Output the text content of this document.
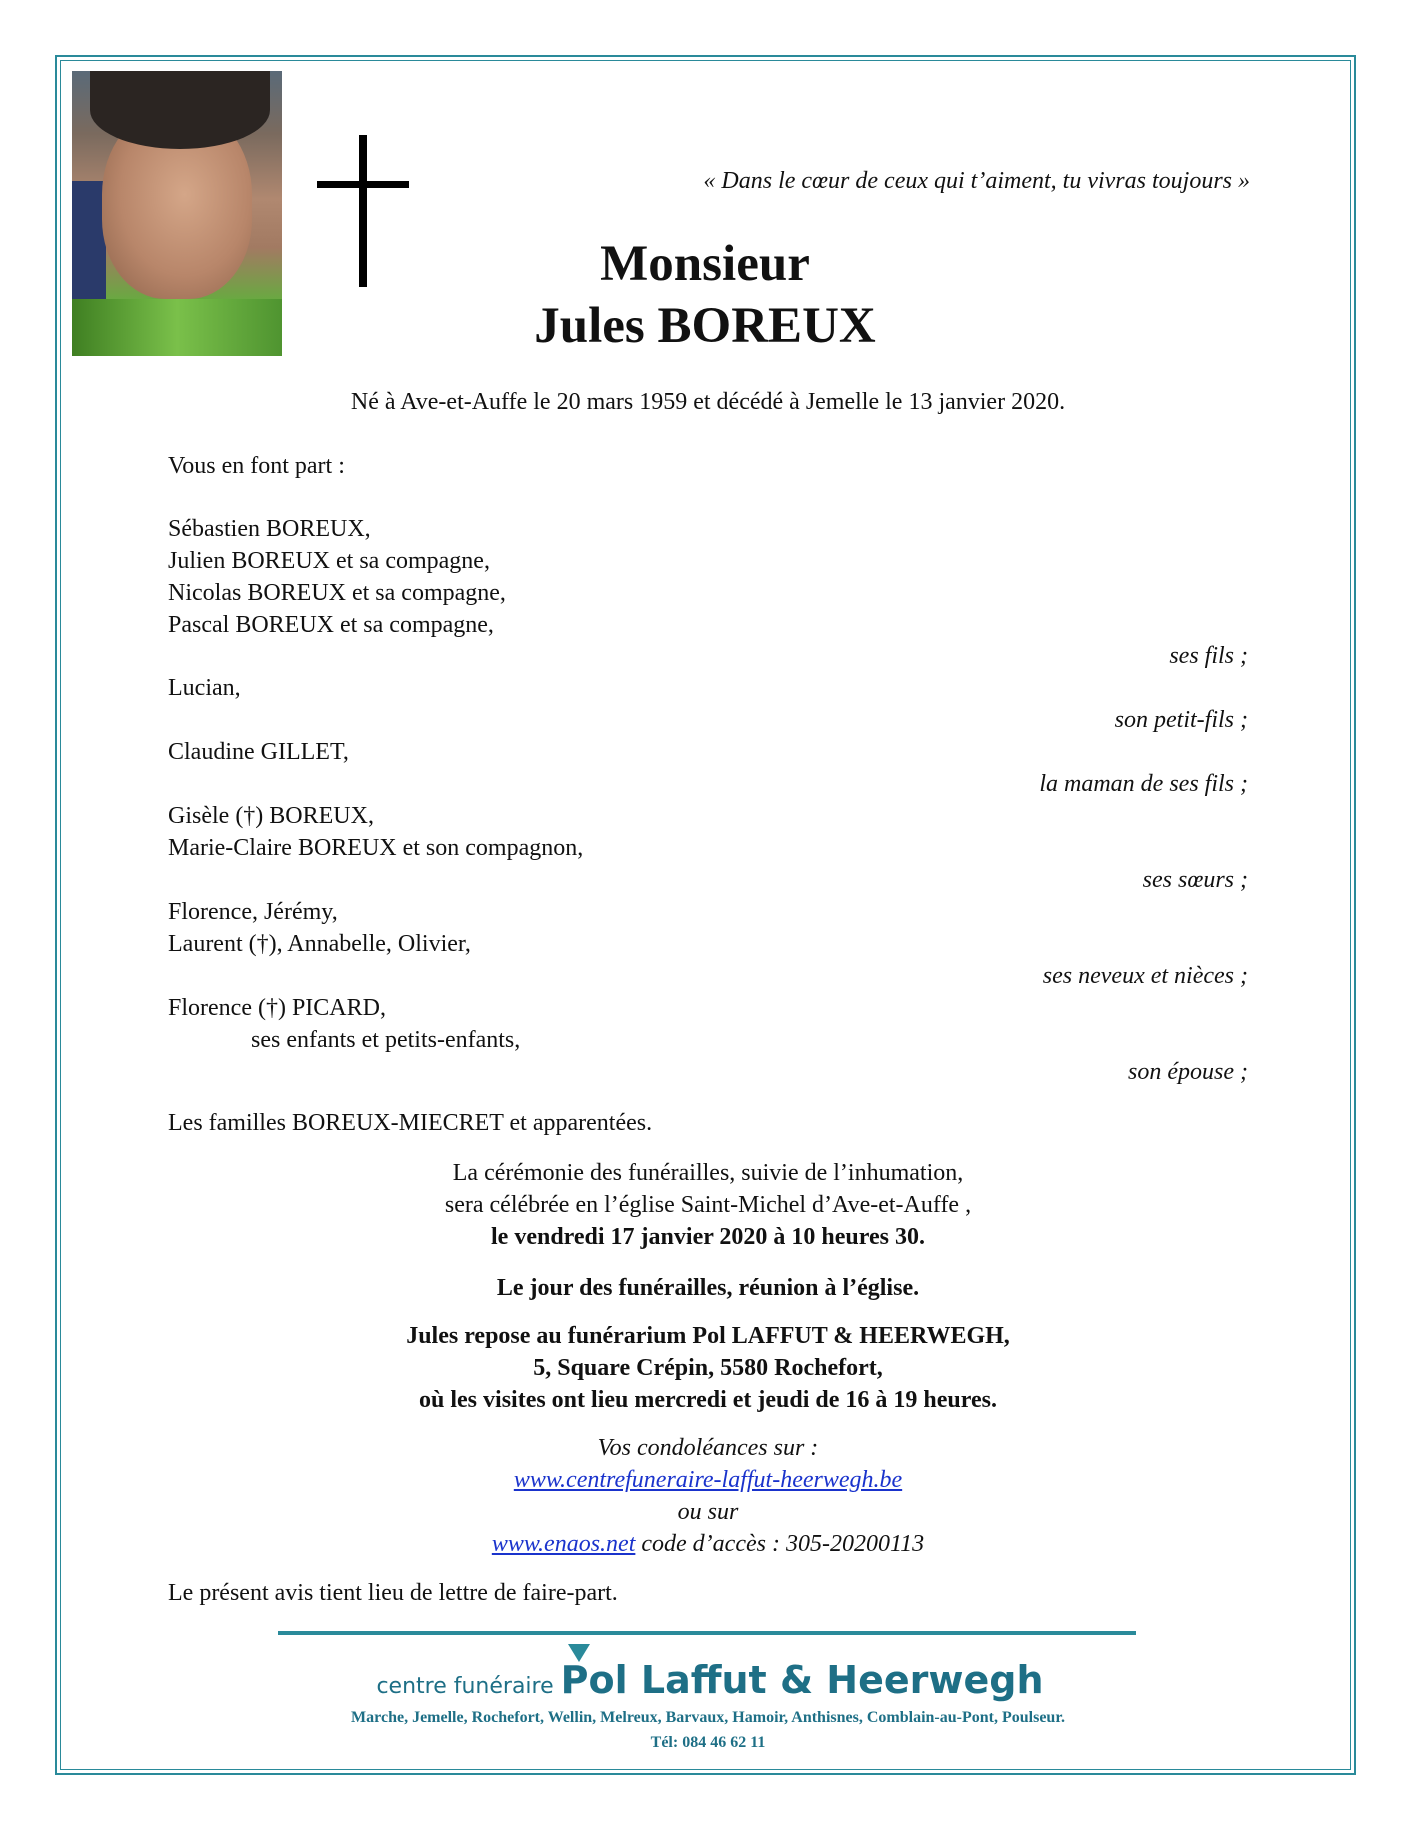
« Dans le cœur de ceux qui t’aiment, tu vivras toujours »
Monsieur
Jules BOREUX
Né à Ave-et-Auffe le 20 mars 1959 et décédé à Jemelle le 13 janvier 2020.
Vous en font part :
Sébastien BOREUX,
Julien BOREUX et sa compagne,
Nicolas BOREUX et sa compagne,
Pascal BOREUX et sa compagne,
ses fils ;
Lucian,
son petit-fils ;
Claudine GILLET,
la maman de ses fils ;
Gisèle (†) BOREUX,
Marie-Claire BOREUX et son compagnon,
ses sœurs ;
Florence, Jérémy,
Laurent (†), Annabelle, Olivier,
ses neveux et nièces ;
Florence (†) PICARD,
ses enfants et petits-enfants,
son épouse ;
Les familles BOREUX-MIECRET et apparentées.
La cérémonie des funérailles, suivie de l’inhumation,
sera célébrée en l’église Saint-Michel d’Ave-et-Auffe ,
le vendredi 17 janvier 2020 à 10 heures 30.
Le jour des funérailles, réunion à l’église.
Jules repose au funérarium Pol LAFFUT & HEERWEGH,
5, Square Crépin, 5580 Rochefort,
où les visites ont lieu mercredi et jeudi de 16 à 19 heures.
Vos condoléances sur :
www.centrefuneraire-laffut-heerwegh.be
ou sur
www.enaos.net code d’accès : 305-20200113
Le présent avis tient lieu de lettre de faire-part.
centre funéraire Pol Laffut & Heerwegh
Marche, Jemelle, Rochefort, Wellin, Melreux, Barvaux, Hamoir, Anthisnes, Comblain-au-Pont, Poulseur.
Tél: 084 46 62 11
